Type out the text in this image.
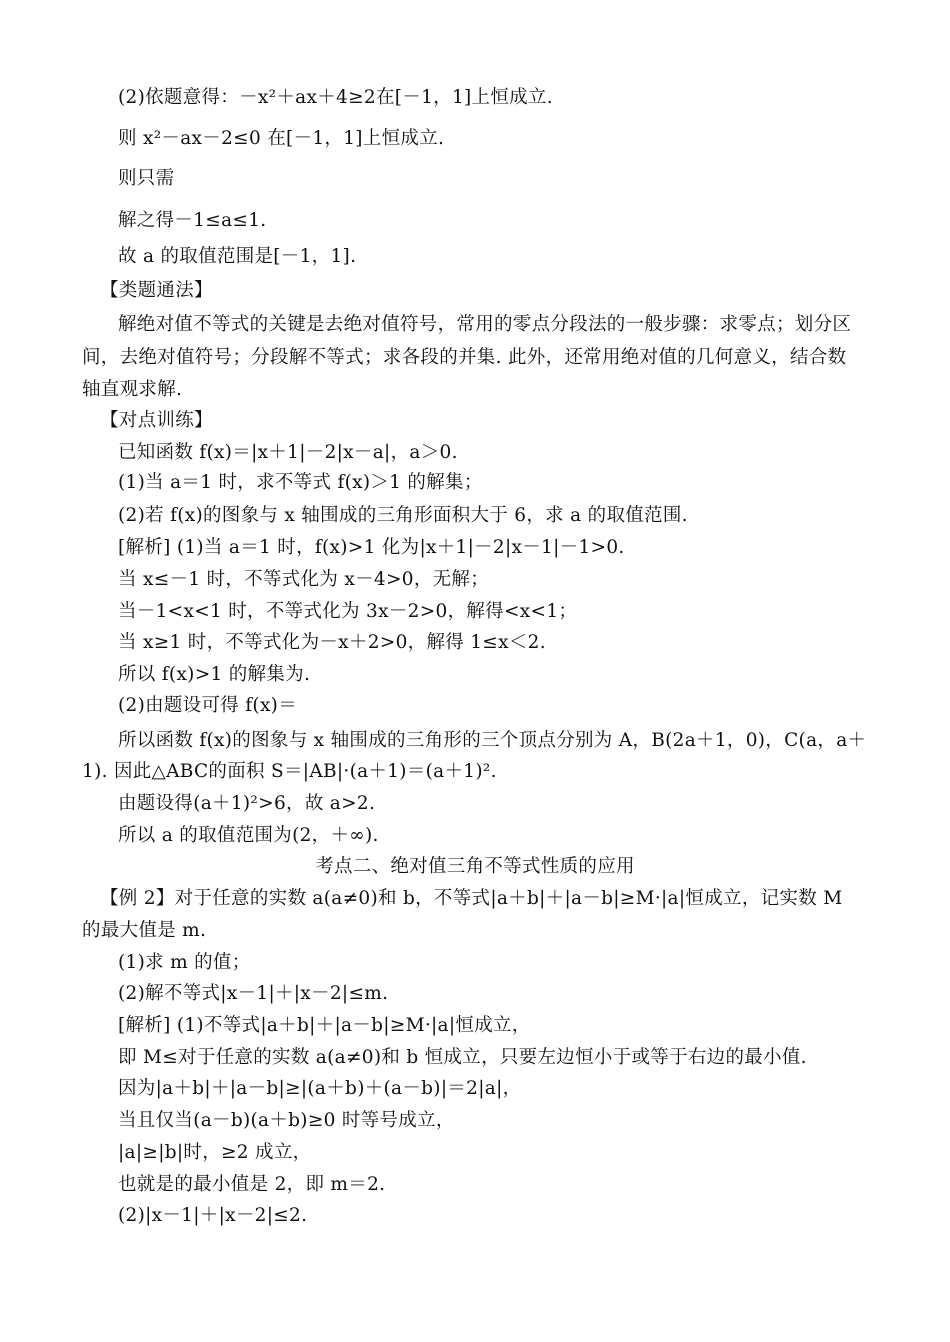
(2)依题意得：－x²＋ax＋4≥2在[－1，1]上恒成立.
则 x²－ax－2≤0 在[－1，1]上恒成立.
则只需
解之得－1≤a≤1.
故 a 的取值范围是[－1，1].
【类题通法】
解绝对值不等式的关键是去绝对值符号，常用的零点分段法的一般步骤：求零点；划分区
间，去绝对值符号；分段解不等式；求各段的并集. 此外，还常用绝对值的几何意义，结合数
轴直观求解.
【对点训练】
已知函数 f(x)＝|x＋1|－2|x－a|，a＞0.
(1)当 a＝1 时，求不等式 f(x)＞1 的解集；
(2)若 f(x)的图象与 x 轴围成的三角形面积大于 6，求 a 的取值范围.
[解析] (1)当 a＝1 时，f(x)>1 化为|x＋1|－2|x－1|－1>0.
当 x≤－1 时，不等式化为 x－4>0，无解；
当－1<x<1 时，不等式化为 3x－2>0，解得<x<1；
当 x≥1 时，不等式化为－x＋2>0，解得 1≤x＜2.
所以 f(x)>1 的解集为.
(2)由题设可得 f(x)＝
所以函数 f(x)的图象与 x 轴围成的三角形的三个顶点分别为 A，B(2a＋1，0)，C(a，a＋
1). 因此△ABC的面积 S＝|AB|·(a＋1)＝(a＋1)².
由题设得(a＋1)²>6，故 a>2.
所以 a 的取值范围为(2，＋∞).
考点二、绝对值三角不等式性质的应用
【例 2】对于任意的实数 a(a≠0)和 b，不等式|a＋b|＋|a－b|≥M·|a|恒成立，记实数 M
的最大值是 m.
(1)求 m 的值；
(2)解不等式|x－1|＋|x－2|≤m.
[解析] (1)不等式|a＋b|＋|a－b|≥M·|a|恒成立，
即 M≤对于任意的实数 a(a≠0)和 b 恒成立，只要左边恒小于或等于右边的最小值.
因为|a＋b|＋|a－b|≥|(a＋b)＋(a－b)|＝2|a|，
当且仅当(a－b)(a＋b)≥0 时等号成立，
|a|≥|b|时，≥2 成立，
也就是的最小值是 2，即 m＝2.
(2)|x－1|＋|x－2|≤2.
